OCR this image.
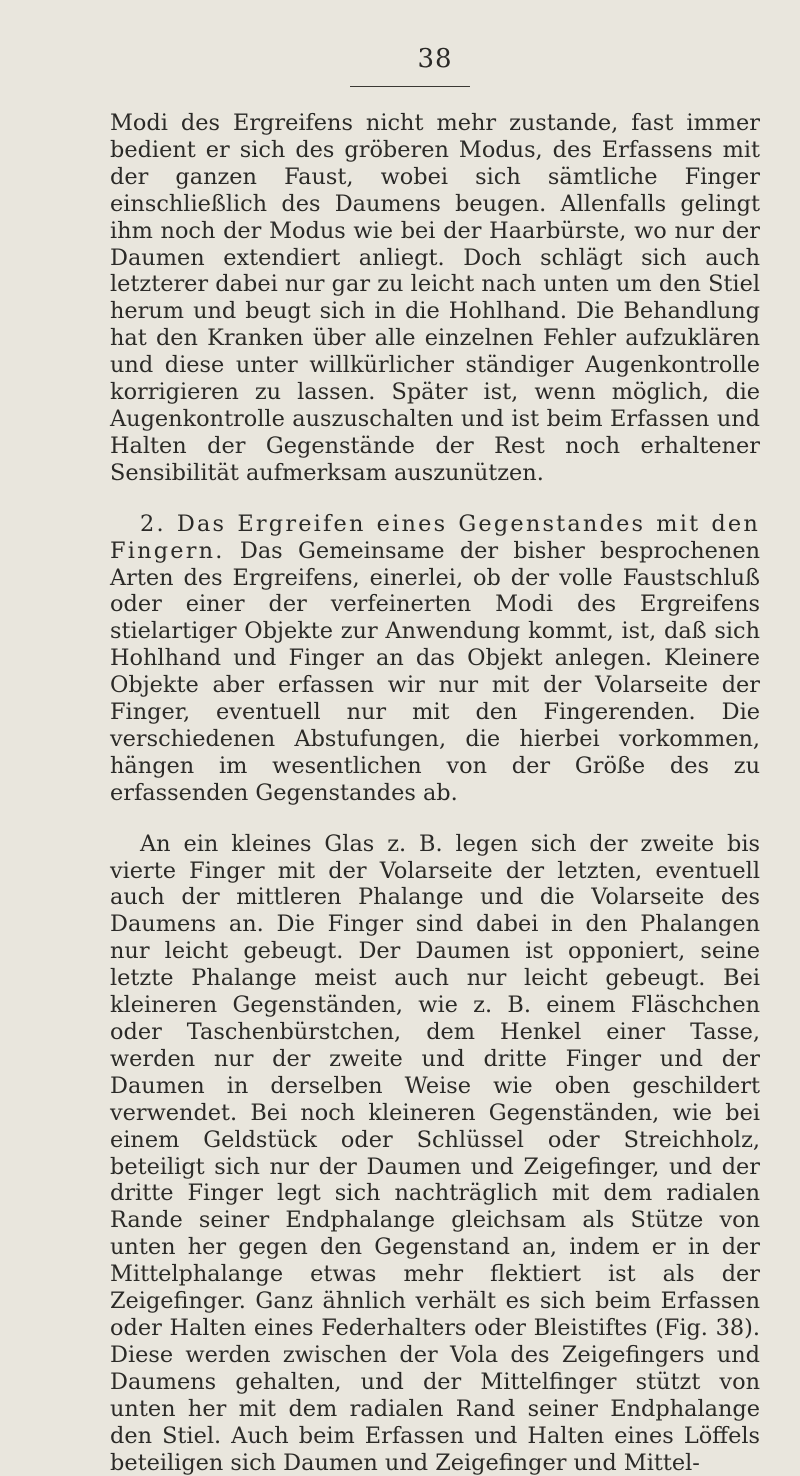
38

Modi des Ergreifens nicht mehr zustande, fast immer bedient er sich des gröberen Modus, des Erfassens mit der ganzen Faust, wobei sich sämtliche Finger einschließlich des Daumens beugen. Allenfalls gelingt ihm noch der Modus wie bei der Haarbürste, wo nur der Daumen extendiert anliegt. Doch schlägt sich auch letzterer dabei nur gar zu leicht nach unten um den Stiel herum und beugt sich in die Hohlhand. Die Behandlung hat den Kranken über alle einzelnen Fehler aufzuklären und diese unter willkürlicher ständiger Augenkontrolle korrigieren zu lassen. Später ist, wenn möglich, die Augenkontrolle auszuschalten und ist beim Erfassen und Halten der Gegenstände der Rest noch erhaltener Sensibilität aufmerksam auszunützen.

2. Das Ergreifen eines Gegenstandes mit den Fingern. Das Gemeinsame der bisher besprochenen Arten des Ergreifens, einerlei, ob der volle Faustschluß oder einer der verfeinerten Modi des Ergreifens stielartiger Objekte zur Anwendung kommt, ist, daß sich Hohlhand und Finger an das Objekt anlegen. Kleinere Objekte aber erfassen wir nur mit der Volarseite der Finger, eventuell nur mit den Fingerenden. Die verschiedenen Abstufungen, die hierbei vorkommen, hängen im wesentlichen von der Größe des zu erfassenden Gegenstandes ab.

An ein kleines Glas z. B. legen sich der zweite bis vierte Finger mit der Volarseite der letzten, eventuell auch der mittleren Phalange und die Volarseite des Daumens an. Die Finger sind dabei in den Phalangen nur leicht gebeugt. Der Daumen ist opponiert, seine letzte Phalange meist auch nur leicht gebeugt. Bei kleineren Gegenständen, wie z. B. einem Fläschchen oder Taschenbürstchen, dem Henkel einer Tasse, werden nur der zweite und dritte Finger und der Daumen in derselben Weise wie oben geschildert verwendet. Bei noch kleineren Gegenständen, wie bei einem Geldstück oder Schlüssel oder Streichholz, beteiligt sich nur der Daumen und Zeigefinger, und der dritte Finger legt sich nachträglich mit dem radialen Rande seiner Endphalange gleichsam als Stütze von unten her gegen den Gegenstand an, indem er in der Mittelphalange etwas mehr flektiert ist als der Zeigefinger. Ganz ähnlich verhält es sich beim Erfassen oder Halten eines Federhalters oder Bleistiftes (Fig. 38). Diese werden zwischen der Vola des Zeigefingers und Daumens gehalten, und der Mittelfinger stützt von unten her mit dem radialen Rand seiner Endphalange den Stiel. Auch beim Erfassen und Halten eines Löffels beteiligen sich Daumen und Zeigefinger und Mittel-
